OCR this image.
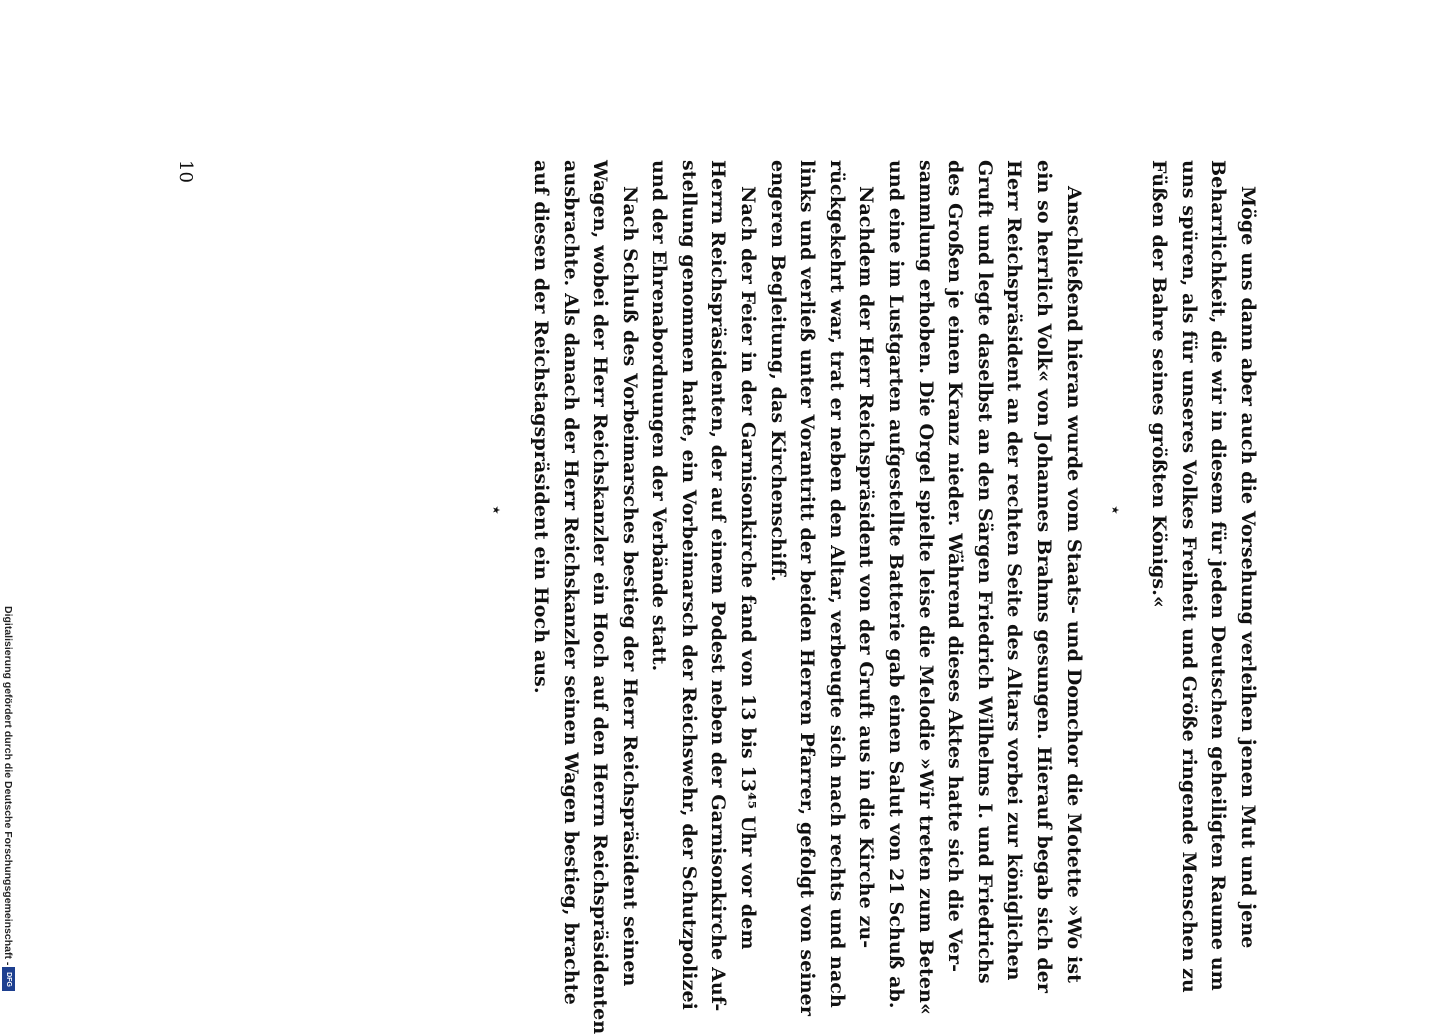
Möge uns dann aber auch die Vorsehung verleihen jenen Mut und jene
Beharrlichkeit, die wir in diesem für jeden Deutschen geheiligten Raume um
uns spüren, als für unseres Volkes Freiheit und Größe ringende Menschen zu
Füßen der Bahre seines größten Königs.«
⋆
Anschließend hieran wurde vom Staats- und Domchor die Motette »Wo ist
ein so herrlich Volk« von Johannes Brahms gesungen. Hierauf begab sich der
Herr Reichspräsident an der rechten Seite des Altars vorbei zur königlichen
Gruft und legte daselbst an den Särgen Friedrich Wilhelms I. und Friedrichs
des Großen je einen Kranz nieder. Während dieses Aktes hatte sich die Ver-
sammlung erhoben. Die Orgel spielte leise die Melodie »Wir treten zum Beten«
und eine im Lustgarten aufgestellte Batterie gab einen Salut von 21 Schuß ab.
Nachdem der Herr Reichspräsident von der Gruft aus in die Kirche zu-
rückgekehrt war, trat er neben den Altar, verbeugte sich nach rechts und nach
links und verließ unter Vorantritt der beiden Herren Pfarrer, gefolgt von seiner
engeren Begleitung, das Kirchenschiff.
Nach der Feier in der Garnisonkirche fand von 13 bis 13⁴⁵ Uhr vor dem
Herrn Reichspräsidenten, der auf einem Podest neben der Garnisonkirche Auf-
stellung genommen hatte, ein Vorbeimarsch der Reichswehr, der Schutzpolizei
und der Ehrenabordnungen der Verbände statt.
Nach Schluß des Vorbeimarsches bestieg der Herr Reichspräsident seinen
Wagen, wobei der Herr Reichskanzler ein Hoch auf den Herrn Reichspräsidenten
ausbrachte. Als danach der Herr Reichskanzler seinen Wagen bestieg, brachte
auf diesen der Reichstagspräsident ein Hoch aus.
⋆
10
Digitalisierung gefördert durch die Deutsche Forschungsgemeinschaft -
DFG
